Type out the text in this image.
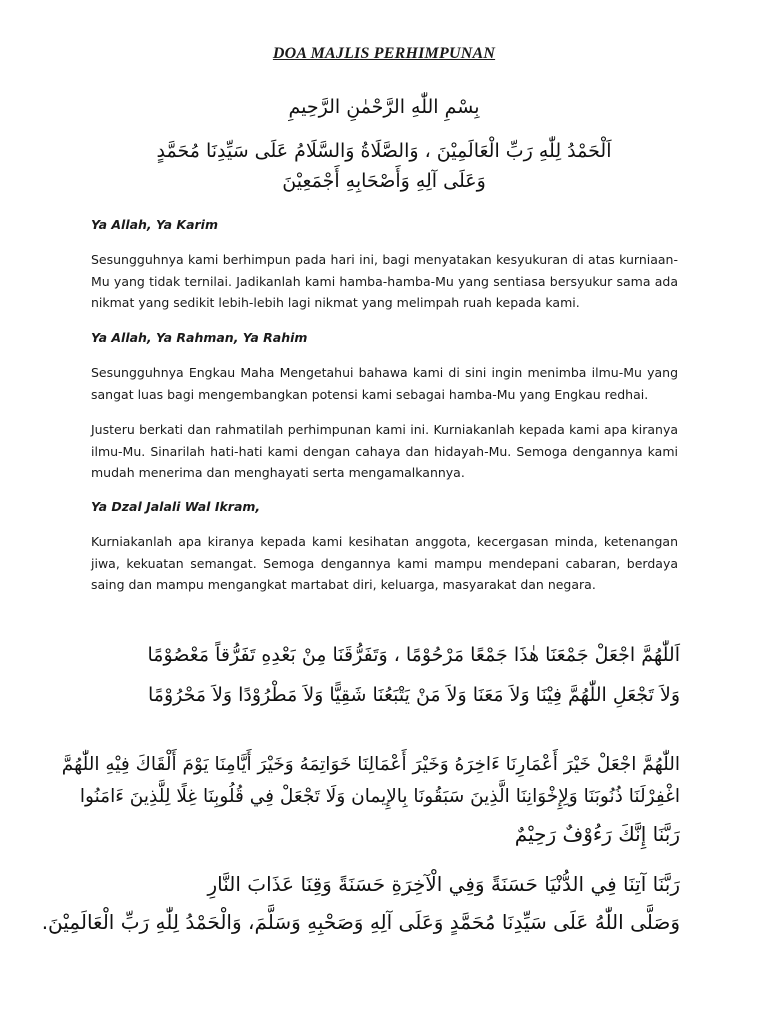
DOA MAJLIS PERHIMPUNAN
بِسْمِ اللّٰهِ الرَّحْمٰنِ الرَّحِيمِ
اَلْحَمْدُ لِلّٰهِ رَبِّ الْعَالَمِيْنَ ، وَالصَّلَاةُ وَالسَّلَامُ عَلَى سَيِّدِنَا مُحَمَّدٍ
وَعَلَى آلِهِ وَأَصْحَابِهِ أَجْمَعِيْنَ
Ya Allah, Ya Karim
Sesungguhnya kami berhimpun pada hari ini, bagi menyatakan kesyukuran di atas kurniaan-Mu yang tidak ternilai. Jadikanlah kami hamba-hamba-Mu yang sentiasa bersyukur sama ada nikmat yang sedikit lebih-lebih lagi nikmat yang melimpah ruah kepada kami.
Ya Allah, Ya Rahman, Ya Rahim
Sesungguhnya Engkau Maha Mengetahui bahawa kami di sini ingin menimba ilmu-Mu yang sangat luas bagi mengembangkan potensi kami sebagai hamba-Mu yang Engkau redhai.
Justeru berkati dan rahmatilah perhimpunan kami ini. Kurniakanlah kepada kami apa kiranya ilmu-Mu. Sinarilah hati-hati kami dengan cahaya dan hidayah-Mu. Semoga dengannya kami mudah menerima dan menghayati serta mengamalkannya.
Ya Dzal Jalali Wal Ikram,
Kurniakanlah apa kiranya kepada kami kesihatan anggota, kecergasan minda, ketenangan jiwa, kekuatan semangat. Semoga dengannya kami mampu mendepani cabaran, berdaya saing dan mampu mengangkat martabat diri, keluarga, masyarakat dan negara.
اَللّٰهُمَّ اجْعَلْ جَمْعَنَا هٰذَا جَمْعًا مَرْحُوْمًا ، وَتَفَرُّقَنَا مِنْ بَعْدِهِ تَفَرُّقاً مَعْصُوْمًا
وَلاَ تَجْعَلِ اللّٰهُمَّ فِيْنَا وَلاَ مَعَنَا وَلاَ مَنْ يَتْبَعُنَا شَقِيًّا وَلاَ مَطْرُوْدًا وَلاَ مَحْرُوْمًا
اللّٰهُمَّ اجْعَلْ خَيْرَ أَعْمَارِنَا ءَاخِرَهُ وَخَيْرَ أَعْمَالِنَا خَوَاتِمَهُ وَخَيْرَ أَيَّامِنَا يَوْمَ أَلْقَاكَ فِيْهِ اللّٰهُمَّ
اغْفِرْلَنَا ذُنُوبَنَا وَلِإِخْوَانِنَا الَّذِينَ سَبَقُونَا بِالإِيمان وَلَا تَجْعَلْ فِي قُلُوبِنَا غِلًا لِلَّذِينَ ءَامَنُوا
رَبَّنَا إِنَّكَ رَءُوْفٌ رَحِيْمٌ
رَبَّنَا آتِنَا فِي الدُّنْيَا حَسَنَةً وَفِي الْآخِرَةِ حَسَنَةً وَقِنَا عَذَابَ النَّارِ
وَصَلَّى اللّٰهُ عَلَى سَيِّدِنَا مُحَمَّدٍ وَعَلَى آلِهِ وَصَحْبِهِ وَسَلَّمَ، وَالْحَمْدُ لِلّٰهِ رَبِّ الْعَالَمِيْنَ.
